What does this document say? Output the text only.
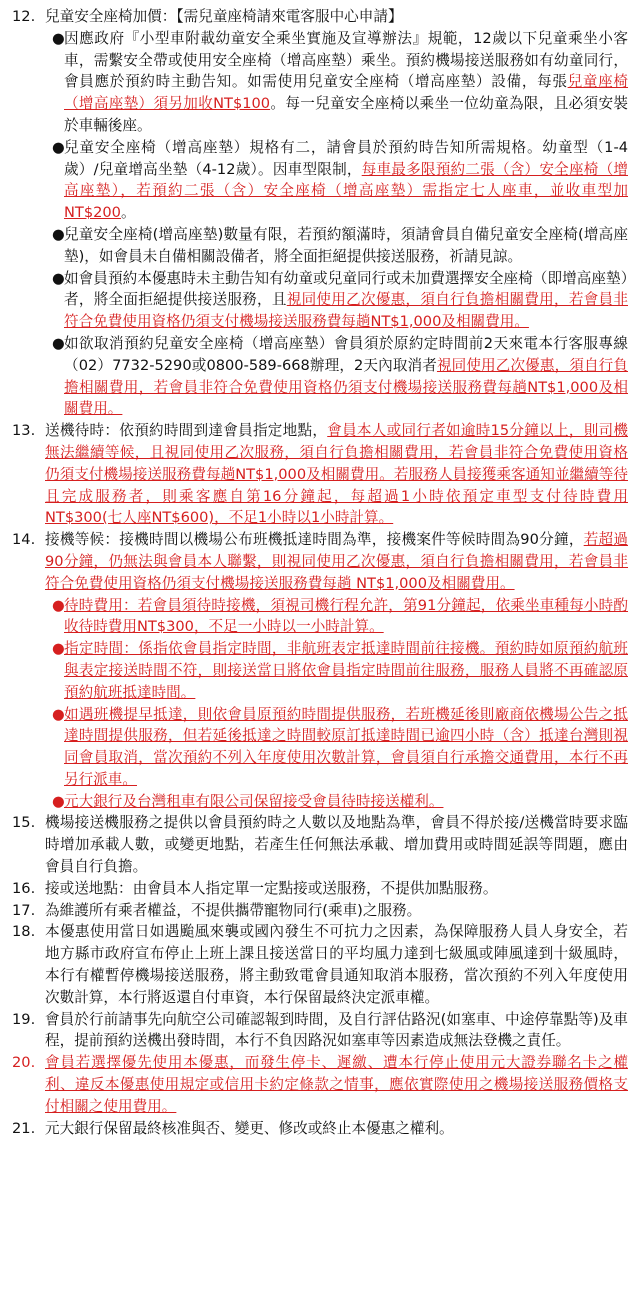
12. 兒童安全座椅加價：【需兒童座椅請來電客服中心申請】
● 因應政府『小型車附載幼童安全乘坐實施及宣導辦法』規範，12歲以下兒童乘坐小客車，需繫安全帶或使用安全座椅（增高座墊）乘坐。預約機場接送服務如有幼童同行，會員應於預約時主動告知。如需使用兒童安全座椅（增高座墊）設備，每張兒童座椅（增高座墊）須另加收NT$100。每一兒童安全座椅以乘坐一位幼童為限，且必須安裝於車輛後座。
● 兒童安全座椅（增高座墊）規格有二，請會員於預約時告知所需規格。幼童型（1-4歲）/兒童增高坐墊（4-12歲）。因車型限制，每車最多限預約二張（含）安全座椅（增高座墊），若預約二張（含）安全座椅（增高座墊）需指定七人座車，並收車型加NT$200。
● 兒童安全座椅(增高座墊)數量有限，若預約額滿時，須請會員自備兒童安全座椅(增高座墊)，如會員未自備相關設備者，將全面拒絕提供接送服務，祈請見諒。
● 如會員預約本優惠時未主動告知有幼童或兒童同行或未加費選擇安全座椅（即增高座墊）者，將全面拒絕提供接送服務，且視同使用乙次優惠，須自行負擔相關費用，若會員非符合免費使用資格仍須支付機場接送服務費每趟NT$1,000及相關費用。
● 如欲取消預約兒童安全座椅（增高座墊）會員須於原約定時間前2天來電本行客服專線（02）7732-5290或0800-589-668辦理，2天內取消者視同使用乙次優惠，須自行負擔相關費用，若會員非符合免費使用資格仍須支付機場接送服務費每趟NT$1,000及相關費用。
13. 送機待時：依預約時間到達會員指定地點，會員本人或同行者如逾時15分鐘以上，則司機無法繼續等候，且視同使用乙次服務，須自行負擔相關費用，若會員非符合免費使用資格仍須支付機場接送服務費每趟NT$1,000及相關費用。若服務人員接獲乘客通知並繼續等待且完成服務者，則乘客應自第16分鐘起，每超過1小時依預定車型支付待時費用NT$300(七人座NT$600)，不足1小時以1小時計算。
14. 接機等候：接機時間以機場公布班機抵達時間為準，接機案件等候時間為90分鐘，若超過90分鐘，仍無法與會員本人聯繫，則視同使用乙次優惠，須自行負擔相關費用，若會員非符合免費使用資格仍須支付機場接送服務費每趟 NT$1,000及相關費用。
● 待時費用：若會員須待時接機，須視司機行程允許，第91分鐘起，依乘坐車種每小時酌收待時費用NT$300，不足一小時以一小時計算。
● 指定時間：係指依會員指定時間，非航班表定抵達時間前往接機。預約時如原預約航班與表定接送時間不符，則接送當日將依會員指定時間前往服務，服務人員將不再確認原預約航班抵達時間。
● 如遇班機提早抵達，則依會員原預約時間提供服務，若班機延後則廠商依機場公告之抵達時間提供服務，但若延後抵達之時間較原訂抵達時間已逾四小時（含）抵達台灣則視同會員取消，當次預約不列入年度使用次數計算，會員須自行承擔交通費用，本行不再另行派車。
● 元大銀行及台灣租車有限公司保留接受會員待時接送權利。
15. 機場接送機服務之提供以會員預約時之人數以及地點為準，會員不得於接/送機當時要求臨時增加承載人數，或變更地點，若產生任何無法承載、增加費用或時間延誤等問題，應由會員自行負擔。
16. 接或送地點：由會員本人指定單一定點接或送服務，不提供加點服務。
17. 為維護所有乘者權益，不提供攜帶寵物同行(乘車)之服務。
18. 本優惠使用當日如遇颱風來襲或國內發生不可抗力之因素，為保障服務人員人身安全，若地方縣市政府宣布停止上班上課且接送當日的平均風力達到七級風或陣風達到十級風時，本行有權暫停機場接送服務，將主動致電會員通知取消本服務，當次預約不列入年度使用次數計算，本行將返還自付車資，本行保留最終決定派車權。
19. 會員於行前請事先向航空公司確認報到時間，及自行評估路況(如塞車、中途停靠點等)及車程，提前預約送機出發時間，本行不負因路況如塞車等因素造成無法登機之責任。
20. 會員若選擇優先使用本優惠，而發生停卡、遲繳、遭本行停止使用元大證券聯名卡之權利、違反本優惠使用規定或信用卡約定條款之情事，應依實際使用之機場接送服務價格支付相關之使用費用。
21. 元大銀行保留最終核准與否、變更、修改或終止本優惠之權利。
